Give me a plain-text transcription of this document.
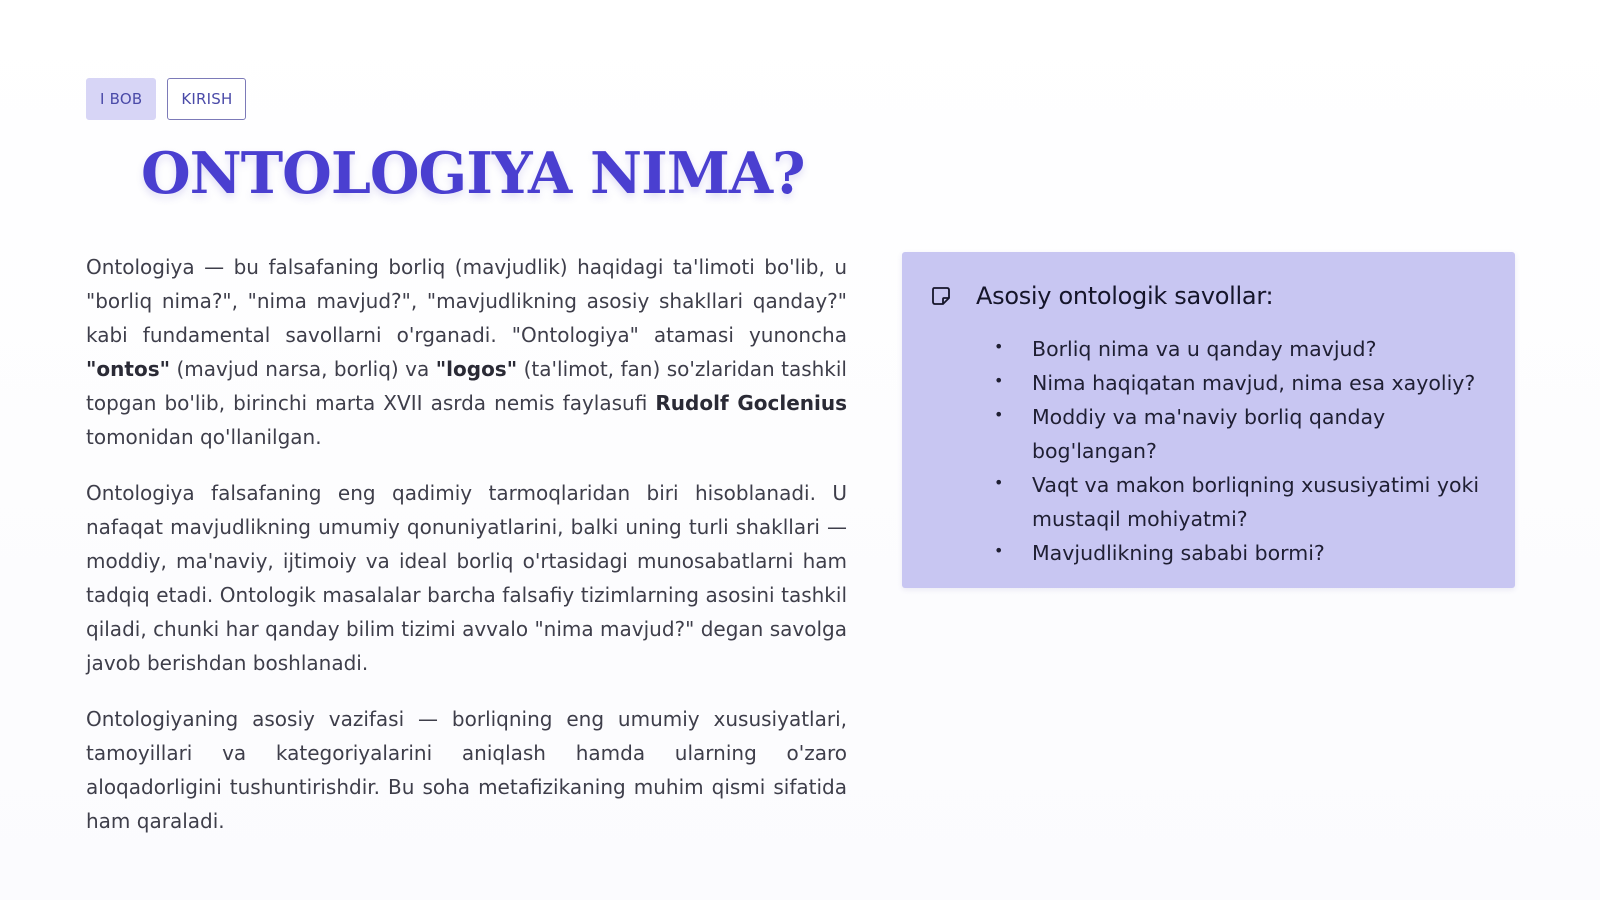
I BOB	KIRISH
ONTOLOGIYA NIMA?

Ontologiya — bu falsafaning borliq (mavjudlik) haqidagi ta'limoti bo'lib, u "borliq nima?", "nima mavjud?", "mavjudlikning asosiy shakllari qanday?" kabi fundamental savollarni o'rganadi. "Ontologiya" atamasi yunoncha "ontos" (mavjud narsa, borliq) va "logos" (ta'limot, fan) so'zlaridan tashkil topgan bo'lib, birinchi marta XVII asrda nemis faylasufi Rudolf Goclenius tomonidan qo'llanilgan.

Ontologiya falsafaning eng qadimiy tarmoqlaridan biri hisoblanadi. U nafaqat mavjudlikning umumiy qonuniyatlarini, balki uning turli shakllari — moddiy, ma'naviy, ijtimoiy va ideal borliq o'rtasidagi munosabatlarni ham tadqiq etadi. Ontologik masalalar barcha falsafiy tizimlarning asosini tashkil qiladi, chunki har qanday bilim tizimi avvalo "nima mavjud?" degan savolga javob berishdan boshlanadi.

Ontologiyaning asosiy vazifasi — borliqning eng umumiy xususiyatlari, tamoyillari va kategoriyalarini aniqlash hamda ularning o'zaro aloqadorligini tushuntirishdir. Bu soha metafizikaning muhim qismi sifatida ham qaraladi.

Asosiy ontologik savollar:
• Borliq nima va u qanday mavjud?
• Nima haqiqatan mavjud, nima esa xayoliy?
• Moddiy va ma'naviy borliq qanday bog'langan?
• Vaqt va makon borliqning xususiyatimi yoki mustaqil mohiyatmi?
• Mavjudlikning sababi bormi?
